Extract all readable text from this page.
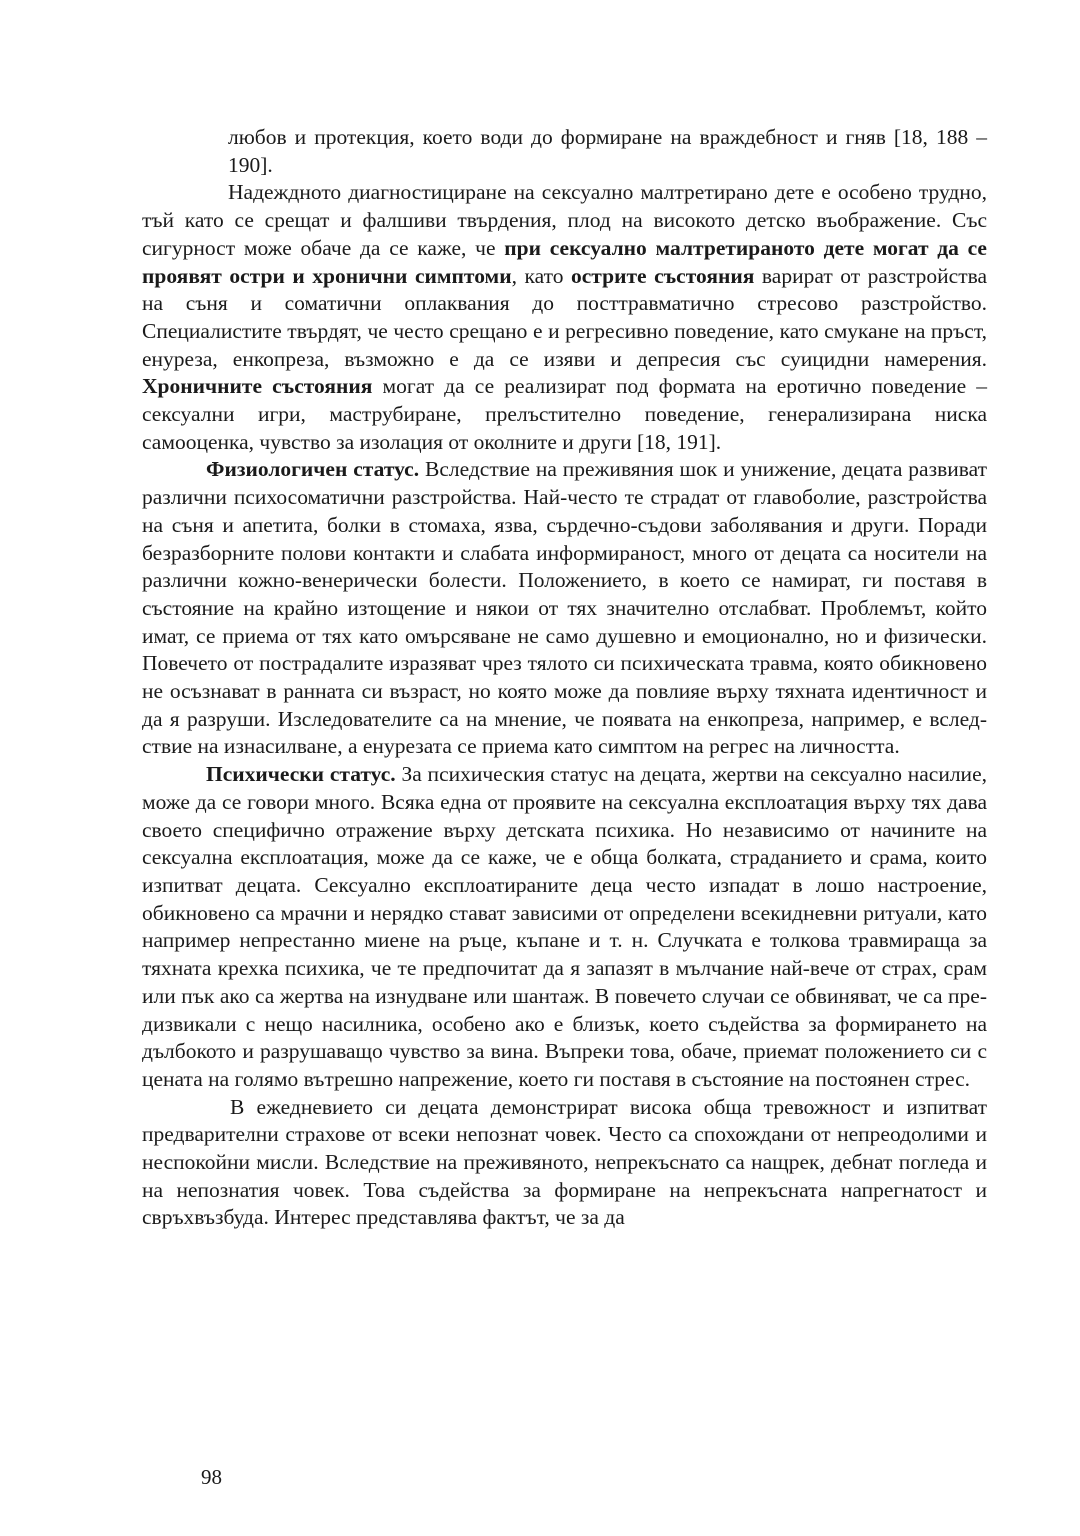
любов и протекция, което води до формиране на враждебност и гняв [18, 188 – 190].

Надеждното диагностициране на сексуално малтретирано дете е особено трудно, тъй като се срещат и фалшиви твърдения, плод на високото детско въображение. Със сигурност може обаче да се каже, че при сексуално малтретираното дете могат да се проявят остри и хронични симптоми, като острите състояния варират от разстройства на съня и соматични оплаквания до посттравматично стресово разстройство. Специалистите твърдят, че често срещано е и регресивно поведение, като смукане на пръст, енуреза, енкопреза, възможно е да се изяви и депресия със суицидни намерения. Хроничните състояния могат да се реализират под формата на еротично поведение – сексуални игри, маструбиране, прелъстително поведение, генерализирана ниска самооценка, чувство за изолация от околните и други [18, 191].

Физиологичен статус. Вследствие на преживяния шок и унижение, децата развиват различни психосоматични разстройства. Най-често те страдат от главоболие, разстройства на съня и апетита, болки в стомаха, язва, сърдечно-съдови заболявания и други. Поради безразборните полови контакти и слабата информираност, много от децата са носители на различни кожно-венерически болести. Положението, в което се намират, ги поставя в състояние на крайно изтощение и някои от тях значително отслабват. Проблемът, който имат, се приема от тях като омърсяване не само душевно и емоционално, но и физически. Повечето от пострадалите изразяват чрез тялото си психическата травма, която обикновено не осъзнават в ранната си възраст, но която може да повлияе върху тяхната идентичност и да я разруши. Изследователите са на мнение, че появата на енкопреза, например, е вследствие на изнасилване, а енурезата се приема като симптом на регрес на личността.

Психически статус. За психическия статус на децата, жертви на сексуално насилие, може да се говори много. Всяка една от проявите на сексуална експлоатация върху тях дава своето специфично отражение върху детската психика. Но независимо от начините на сексуална експлоатация, може да се каже, че е обща болката, страданието и срама, които изпитват децата. Сексуално експлоатираните деца често изпадат в лошо настроение, обикновено са мрачни и нерядко стават зависими от определени всекидневни ритуали, като например непрестанно миене на ръце, къпане и т. н. Случката е толкова травмираща за тяхната крехка психика, че те предпочитат да я запазят в мълчание най-вече от страх, срам или пък ако са жертва на изнудване или шантаж. В повечето случаи се обвиняват, че са предизвикали с нещо насилника, особено ако е близък, което съдейства за формирането на дълбокото и разрушаващо чувство за вина. Въпреки това, обаче, приемат положението си с цената на голямо вътрешно напрежение, което ги поставя в състояние на постоянен стрес.

В ежедневието си децата демонстрират висока обща тревожност и изпитват предварителни страхове от всеки непознат човек. Често са спохождани от непреодолими и неспокойни мисли. Вследствие на преживяното, непрекъснато са нащрек, дебнат погледа и на непознатия човек. Това съдейства за формиране на непрекъсната напрегнатост и свръхвъзбуда. Интерес представлява фактът, че за да

98
